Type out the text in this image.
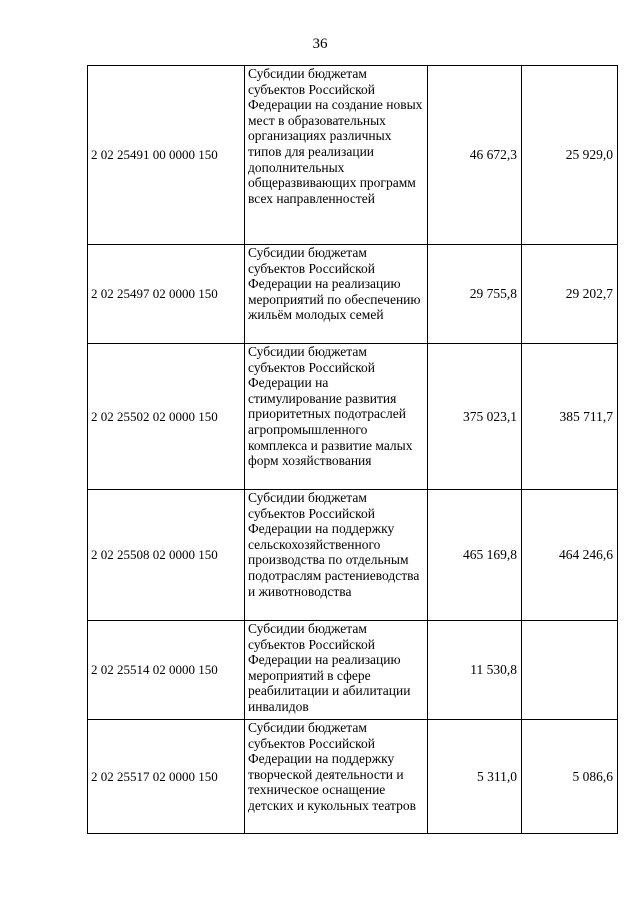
36
2 02 25491 00 0000 150	Субсидии бюджетам субъектов Российской Федерации на создание новых мест в образовательных организациях различных типов для реализации дополнительных общеразвивающих программ всех направленностей	46 672,3	25 929,0
2 02 25497 02 0000 150	Субсидии бюджетам субъектов Российской Федерации на реализацию мероприятий по обеспечению жильём молодых семей	29 755,8	29 202,7
2 02 25502 02 0000 150	Субсидии бюджетам субъектов Российской Федерации на стимулирование развития приоритетных подотраслей агропромышленного комплекса и развитие малых форм хозяйствования	375 023,1	385 711,7
2 02 25508 02 0000 150	Субсидии бюджетам субъектов Российской Федерации на поддержку сельскохозяйственного производства по отдельным подотраслям растениеводства и животноводства	465 169,8	464 246,6
2 02 25514 02 0000 150	Субсидии бюджетам субъектов Российской Федерации на реализацию мероприятий в сфере реабилитации и абилитации инвалидов	11 530,8	
2 02 25517 02 0000 150	Субсидии бюджетам субъектов Российской Федерации на поддержку творческой деятельности и техническое оснащение детских и кукольных театров	5 311,0	5 086,6
